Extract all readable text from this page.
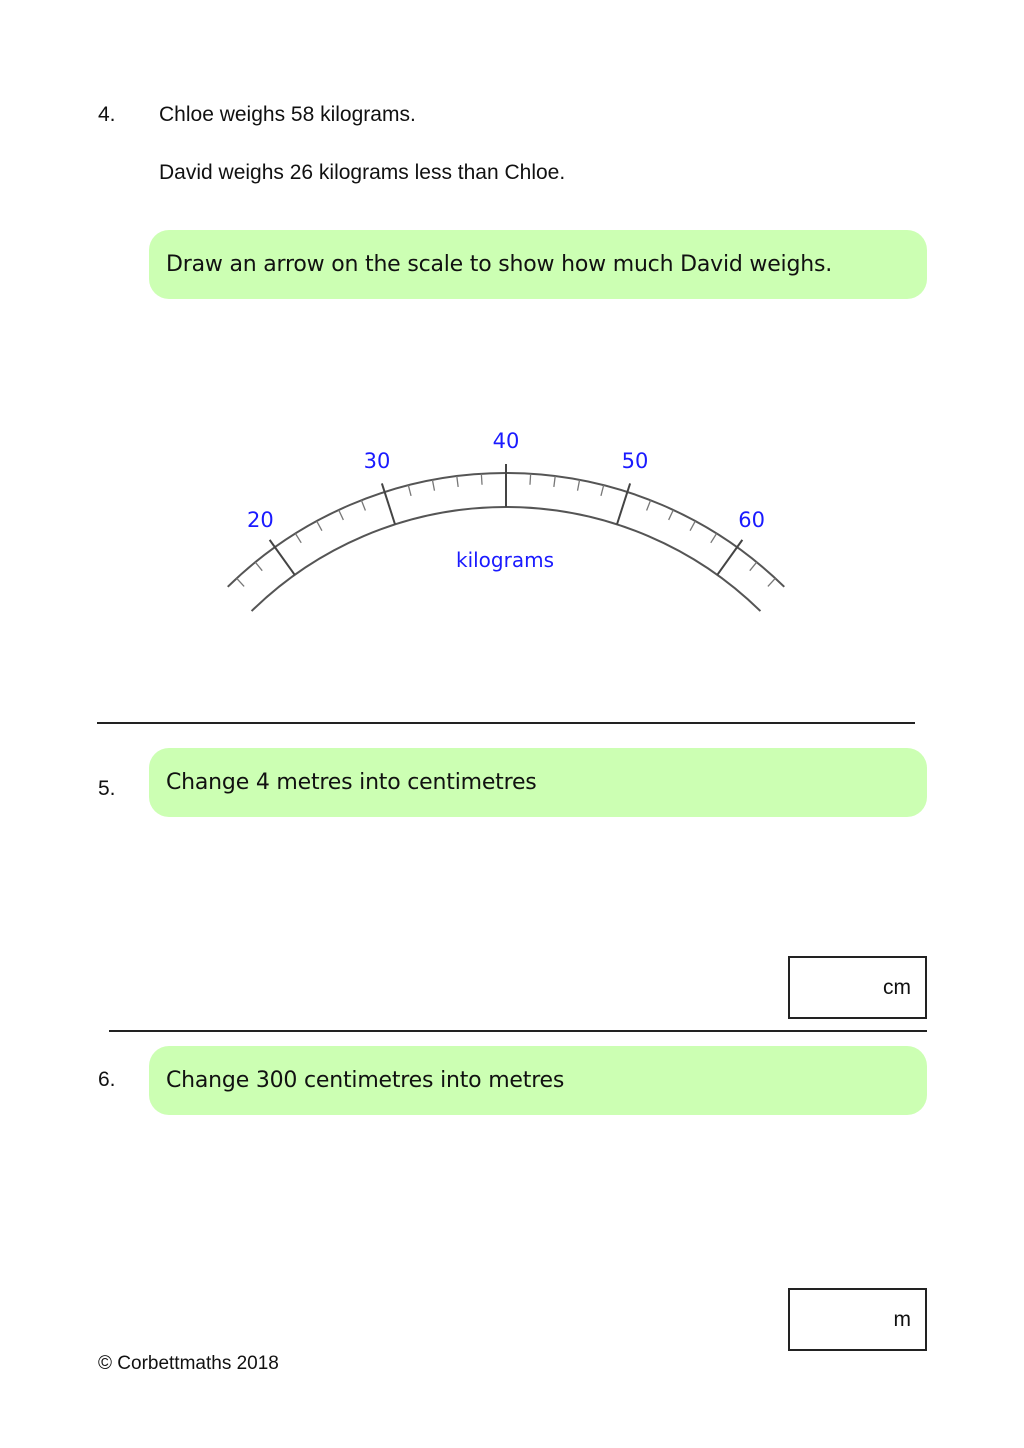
4. Chloe weighs 58 kilograms.
David weighs 26 kilograms less than Chloe.
Draw an arrow on the scale to show how much David weighs.
20
30
40
50
60
kilograms
5. Change 4 metres into centimetres
cm
6. Change 300 centimetres into metres
m
© Corbettmaths 2018
